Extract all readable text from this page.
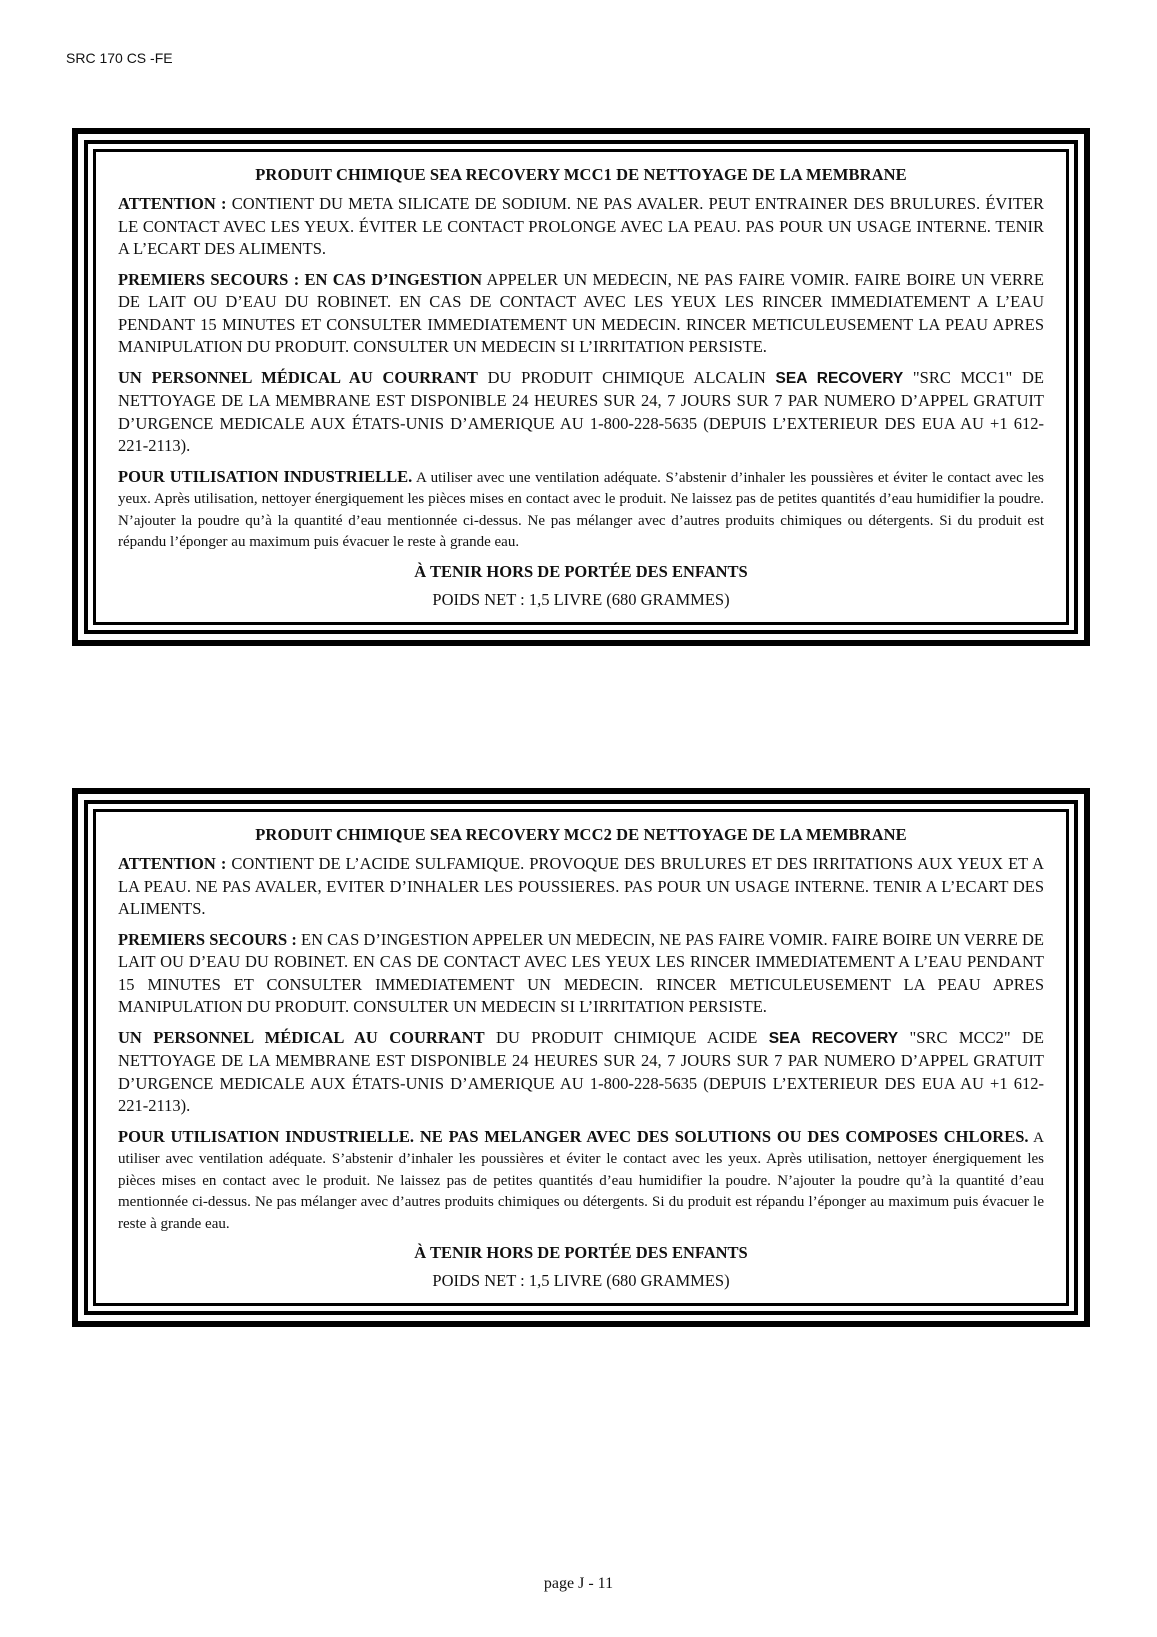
SRC 170 CS -FE

PRODUIT CHIMIQUE SEA RECOVERY MCC1 DE NETTOYAGE DE LA MEMBRANE

ATTENTION : CONTIENT DU META SILICATE DE SODIUM. NE PAS AVALER. PEUT ENTRAINER DES BRULURES. ÉVITER LE CONTACT AVEC LES YEUX. ÉVITER LE CONTACT PROLONGE AVEC LA PEAU. PAS POUR UN USAGE INTERNE. TENIR A L’ECART DES ALIMENTS.

PREMIERS SECOURS : EN CAS D’INGESTION APPELER UN MEDECIN, NE PAS FAIRE VOMIR. FAIRE BOIRE UN VERRE DE LAIT OU D’EAU DU ROBINET. EN CAS DE CONTACT AVEC LES YEUX LES RINCER IMMEDIATEMENT A L’EAU PENDANT 15 MINUTES ET CONSULTER IMMEDIATEMENT UN MEDECIN. RINCER METICULEUSEMENT LA PEAU APRES MANIPULATION DU PRODUIT. CONSULTER UN MEDECIN SI L’IRRITATION PERSISTE.

UN PERSONNEL MÉDICAL AU COURRANT DU PRODUIT CHIMIQUE ALCALIN SEA RECOVERY "SRC MCC1" DE NETTOYAGE DE LA MEMBRANE EST DISPONIBLE 24 HEURES SUR 24, 7 JOURS SUR 7 PAR NUMERO D’APPEL GRATUIT D’URGENCE MEDICALE AUX ÉTATS-UNIS D’AMERIQUE AU 1-800-228-5635 (DEPUIS L’EXTERIEUR DES EUA AU +1 612-221-2113).

POUR UTILISATION INDUSTRIELLE. A utiliser avec une ventilation adéquate. S’abstenir d’inhaler les poussières et éviter le contact avec les yeux. Après utilisation, nettoyer énergiquement les pièces mises en contact avec le produit. Ne laissez pas de petites quantités d’eau humidifier la poudre. N’ajouter la poudre qu’à la quantité d’eau mentionnée ci-dessus. Ne pas mélanger avec d’autres produits chimiques ou détergents. Si du produit est répandu l’éponger au maximum puis évacuer le reste à grande eau.

À TENIR HORS DE PORTÉE DES ENFANTS

POIDS NET : 1,5 LIVRE (680 GRAMMES)

PRODUIT CHIMIQUE SEA RECOVERY MCC2 DE NETTOYAGE DE LA MEMBRANE

ATTENTION : CONTIENT DE L’ACIDE SULFAMIQUE. PROVOQUE DES BRULURES ET DES IRRITATIONS AUX YEUX ET A LA PEAU. NE PAS AVALER, EVITER D’INHALER LES POUSSIERES. PAS POUR UN USAGE INTERNE. TENIR A L’ECART DES ALIMENTS.

PREMIERS SECOURS : EN CAS D’INGESTION APPELER UN MEDECIN, NE PAS FAIRE VOMIR. FAIRE BOIRE UN VERRE DE LAIT OU D’EAU DU ROBINET. EN CAS DE CONTACT AVEC LES YEUX LES RINCER IMMEDIATEMENT A L’EAU PENDANT 15 MINUTES ET CONSULTER IMMEDIATEMENT UN MEDECIN. RINCER METICULEUSEMENT LA PEAU APRES MANIPULATION DU PRODUIT. CONSULTER UN MEDECIN SI L’IRRITATION PERSISTE.

UN PERSONNEL MÉDICAL AU COURRANT DU PRODUIT CHIMIQUE ACIDE SEA RECOVERY "SRC MCC2" DE NETTOYAGE DE LA MEMBRANE EST DISPONIBLE 24 HEURES SUR 24, 7 JOURS SUR 7 PAR NUMERO D’APPEL GRATUIT D’URGENCE MEDICALE AUX ÉTATS-UNIS D’AMERIQUE AU 1-800-228-5635 (DEPUIS L’EXTERIEUR DES EUA AU +1 612-221-2113).

POUR UTILISATION INDUSTRIELLE. NE PAS MELANGER AVEC DES SOLUTIONS OU DES COMPOSES CHLORES. A utiliser avec ventilation adéquate. S’abstenir d’inhaler les poussières et éviter le contact avec les yeux. Après utilisation, nettoyer énergiquement les pièces mises en contact avec le produit. Ne laissez pas de petites quantités d’eau humidifier la poudre. N’ajouter la poudre qu’à la quantité d’eau mentionnée ci-dessus. Ne pas mélanger avec d’autres produits chimiques ou détergents. Si du produit est répandu l’éponger au maximum puis évacuer le reste à grande eau.

À TENIR HORS DE PORTÉE DES ENFANTS

POIDS NET : 1,5 LIVRE (680 GRAMMES)

page J - 11
